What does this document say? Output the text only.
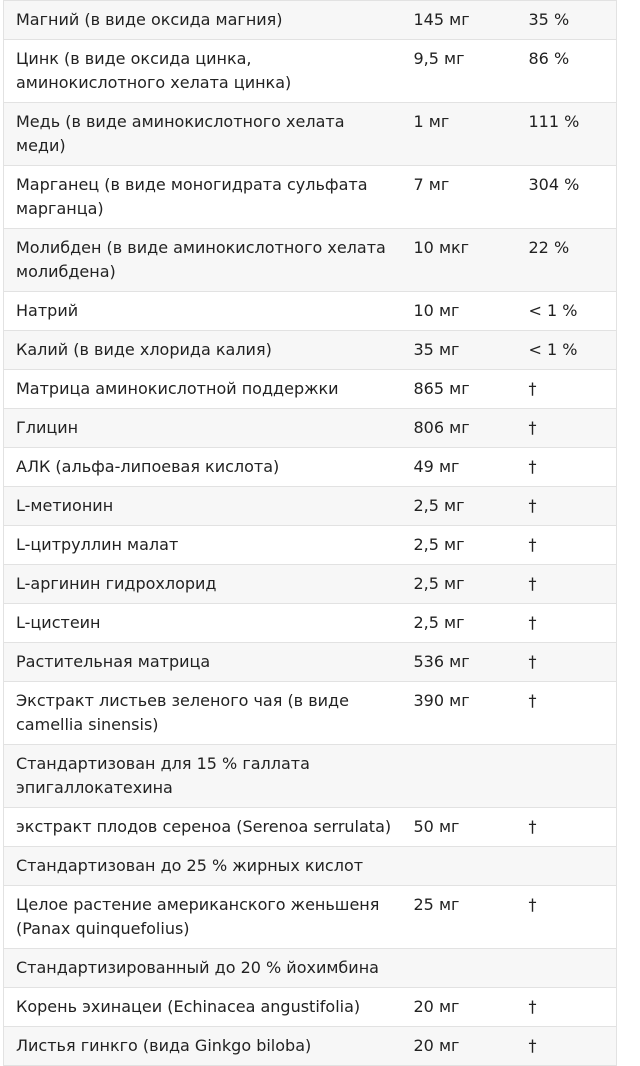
Магний (в виде оксида магния)	145 мг	35 %
Цинк (в виде оксида цинка, аминокислотного хелата цинка)	9,5 мг	86 %
Медь (в виде аминокислотного хелата меди)	1 мг	111 %
Марганец (в виде моногидрата сульфата марганца)	7 мг	304 %
Молибден (в виде аминокислотного хелата молибдена)	10 мкг	22 %
Натрий	10 мг	< 1 %
Калий (в виде хлорида калия)	35 мг	< 1 %
Матрица аминокислотной поддержки	865 мг	†
Глицин	806 мг	†
АЛК (альфа-липоевая кислота)	49 мг	†
L-метионин	2,5 мг	†
L-цитруллин малат	2,5 мг	†
L-аргинин гидрохлорид	2,5 мг	†
L-цистеин	2,5 мг	†
Растительная матрица	536 мг	†
Экстракт листьев зеленого чая (в виде camellia sinensis)	390 мг	†
Стандартизован для 15 % галлата эпигаллокатехина		
экстракт плодов сереноа (Serenoa serrulata)	50 мг	†
Стандартизован до 25 % жирных кислот		
Целое растение американского женьшеня (Panax quinquefolius)	25 мг	†
Стандартизированный до 20 % йохимбина		
Корень эхинацеи (Echinacea angustifolia)	20 мг	†
Листья гинкго (вида Ginkgo biloba)	20 мг	†
